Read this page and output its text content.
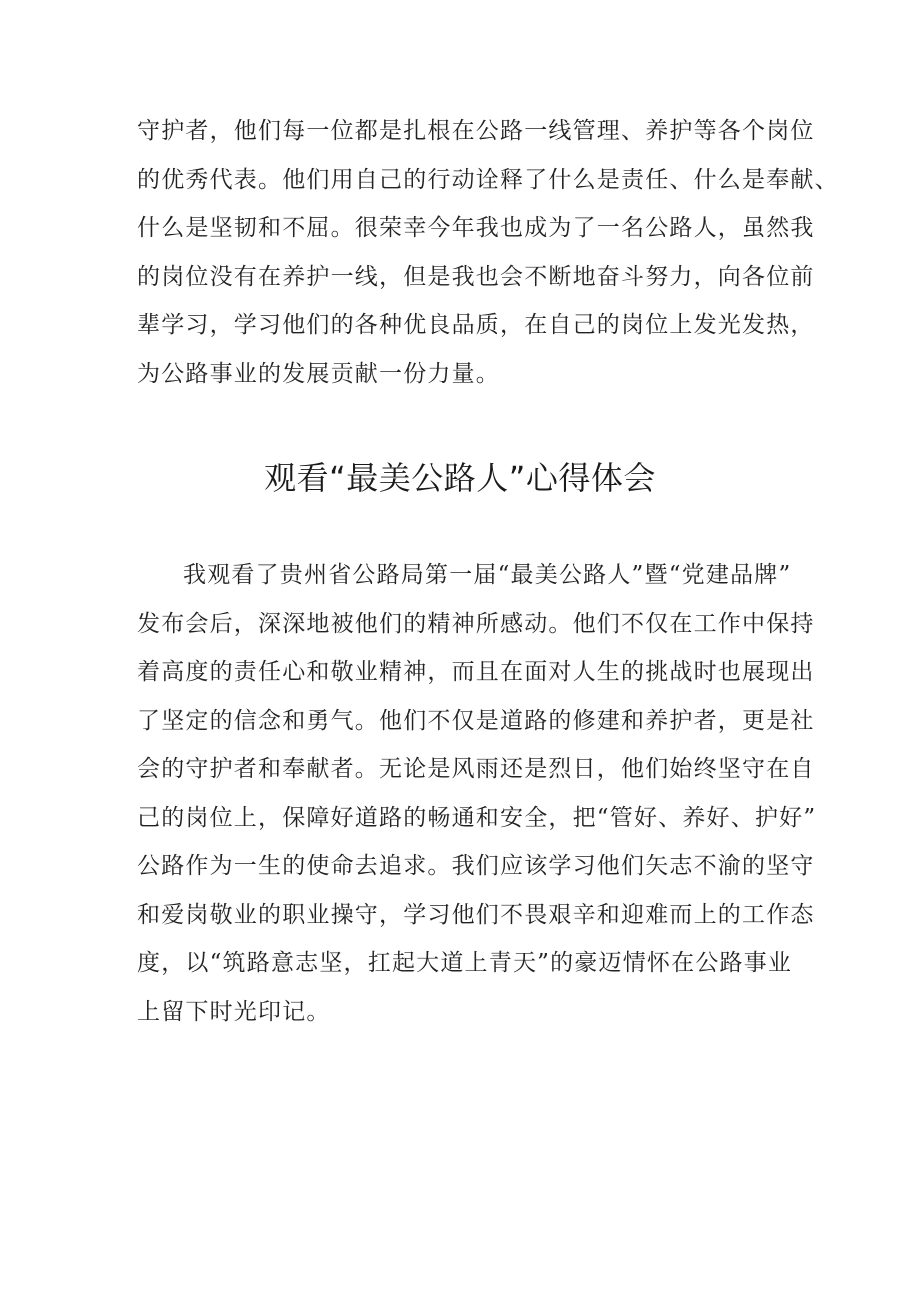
守护者，他们每一位都是扎根在公路一线管理、养护等各个岗位
的优秀代表。他们用自己的行动诠释了什么是责任、什么是奉献、
什么是坚韧和不屈。很荣幸今年我也成为了一名公路人，虽然我
的岗位没有在养护一线，但是我也会不断地奋斗努力，向各位前
辈学习，学习他们的各种优良品质，在自己的岗位上发光发热，
为公路事业的发展贡献一份力量。
观看“最美公路人”心得体会
我观看了贵州省公路局第一届“最美公路人”暨“党建品牌”
发布会后，深深地被他们的精神所感动。他们不仅在工作中保持
着高度的责任心和敬业精神，而且在面对人生的挑战时也展现出
了坚定的信念和勇气。他们不仅是道路的修建和养护者，更是社
会的守护者和奉献者。无论是风雨还是烈日，他们始终坚守在自
己的岗位上，保障好道路的畅通和安全，把“管好、养好、护好”
公路作为一生的使命去追求。我们应该学习他们矢志不渝的坚守
和爱岗敬业的职业操守，学习他们不畏艰辛和迎难而上的工作态
度，以“筑路意志坚，扛起大道上青天”的豪迈情怀在公路事业
上留下时光印记。
